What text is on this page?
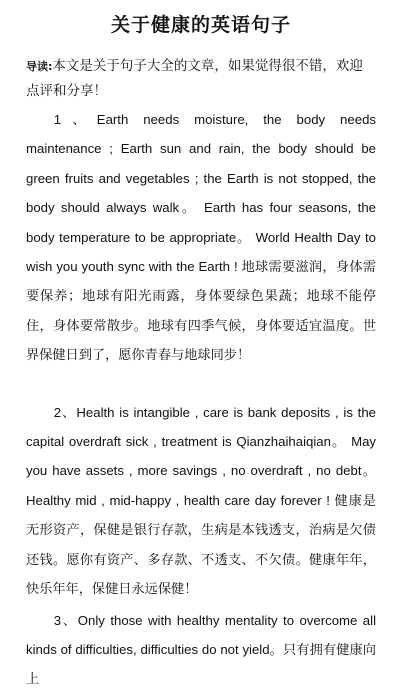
关于健康的英语句子
导读:本文是关于句子大全的文章，如果觉得很不错，欢迎点评和分享！

1、Earth needs moisture, the body needs maintenance ; Earth sun and rain, the body should be green fruits and vegetables ; the Earth is not stopped, the body should always walk。 Earth has four seasons, the body temperature to be appropriate。 World Health Day to wish you youth sync with the Earth ! 地球需要滋润，身体需要保养；地球有阳光雨露，身体要绿色果蔬；地球不能停住，身体要常散步。地球有四季气候，身体要适宜温度。世界保健日到了，愿你青春与地球同步！

2、Health is intangible , care is bank deposits , is the capital overdraft sick , treatment is Qianzhaihaiqian。 May you have assets , more savings , no overdraft , no debt。 Healthy mid , mid-happy , health care day forever ! 健康是无形资产，保健是银行存款，生病是本钱透支，治病是欠债还钱。愿你有资产、多存款、不透支、不欠债。健康年年，快乐年年，保健日永远保健！

3、Only those with healthy mentality to overcome all kinds of difficulties, difficulties do not yield。只有拥有健康向上
